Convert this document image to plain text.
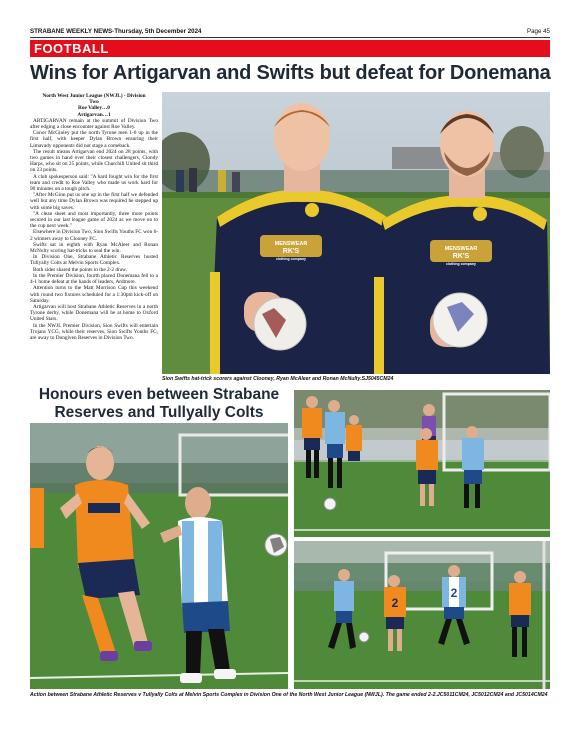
STRABANE WEEKLY NEWS-Thursday, 5th December 2024	Page 45
FOOTBALL
Wins for Artigarvan and Swifts but defeat for Donemana
North West Junior League (NWJL) - Division
Two
Roe Valley…0
Artigarvan…1

ARTIGARVAN remain at the summit of Division Two after edging a close encounter against Roe Valley.

Conor McGinley put the north Tyrone men 1-0 up in the first half, with keeper Dylan Brown ensuring their Limavady opponents did not stage a comeback.

The result means Artigarvan end 2024 on 28 points, with two games in hand over their closest challengers, Clondy Harps, who sit on 25 points, while Churchill United sit third on 23 points.

A club spokesperson said: "A hard fought win for the first team and credit to Roe Valley who made us work hard for 90 minutes on a tough pitch.

"After McGinn put us one up in the first half we defended well but any time Dylan Brown was required he stepped up with some big saves.

"A clean sheet and most importantly, three more points secured in our last league game of 2024 as we move on to the cup next week."

Elsewhere in Division Two, Sion Swifts Youths FC won 6-2 winners away to Clooney FC.

Swifts sat in eighth with Ryan McAleer and Ronan McNulty scoring hat-tricks to seal the win.

In Division One, Strabane Athletic Reserves hosted Tullyally Colts at Melvin Sports Complex.

Both sides shared the points in the 2-2 draw.

In the Premier Division, fourth placed Donemana fell to a 4-1 home defeat at the hands of leaders, Ardmore.

Attention turns to the Matt Morrison Cup this weekend with round two fixtures scheduled for a 1:30pm kick-off on Saturday.

Artigarvan will host Strabane Athletic Reserves in a north Tyrone derby, while Donemana will be at home to Oxford United Stars.

In the NWJL Premier Division, Sion Swifts will entertain Trojans YCG, while their reserves, Sion Swifts Youths FC, are away to Dungiven Reserves in Division Two.

MENSWEAR
RK'S
clothing company
MENSWEAR
RK'S
clothing company
Sion Swifts hat-trick scorers against Clooney, Ryan McAleer and Ronan McNulty.SJ5045CM24
Honours even between Strabane Reserves and Tullyally Colts
2
2
Action between Strabane Athletic Reserves v Tullyally Colts at Melvin Sports Complex in Division One of the North West Junior League (NWJL). The game ended 2-2.JC5011CM24, JC5012CM24 and JC5014CM24
